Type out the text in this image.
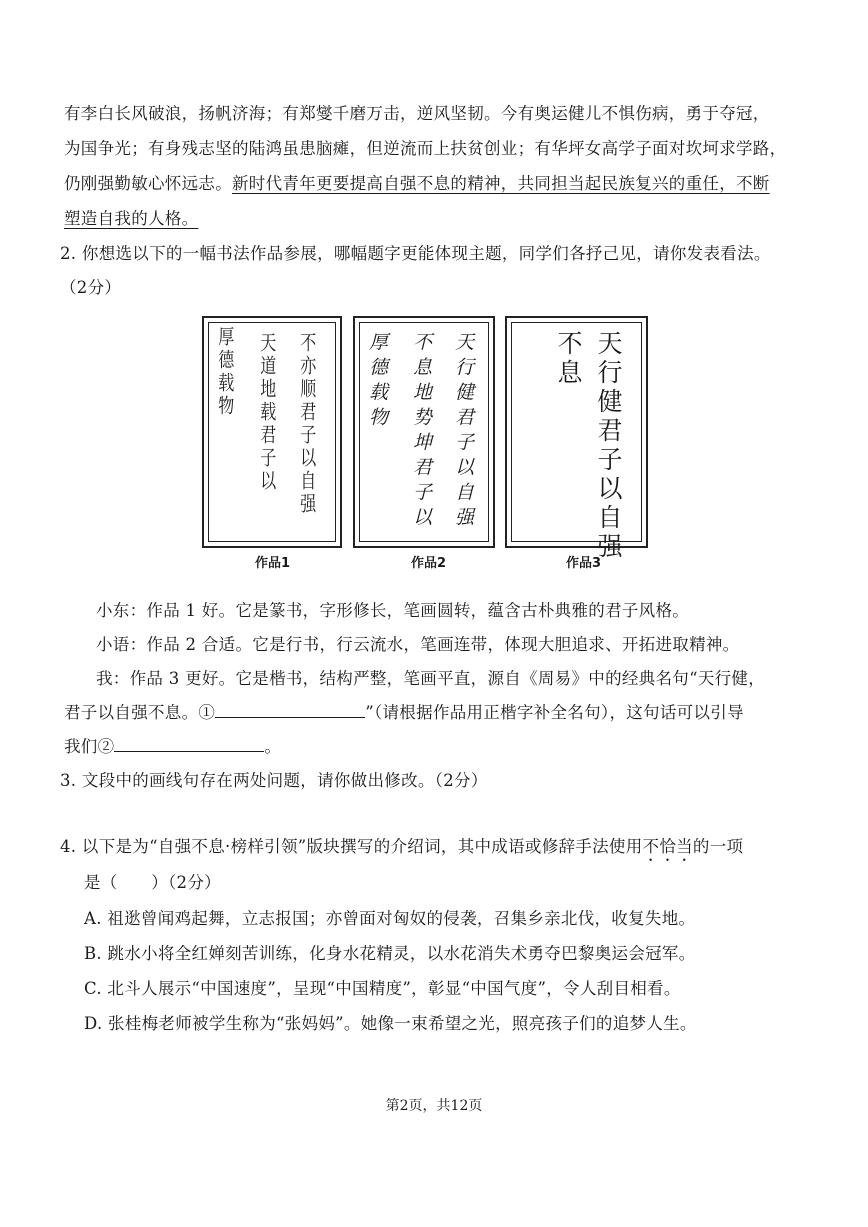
有李白长风破浪，扬帆济海；有郑燮千磨万击，逆风坚韧。今有奥运健儿不惧伤病，勇于夺冠，
为国争光；有身残志坚的陆鸿虽患脑瘫，但逆流而上扶贫创业；有华坪女高学子面对坎坷求学路，
仍刚强勤敏心怀远志。新时代青年更要提高自强不息的精神，共同担当起民族复兴的重任，不断
塑造自我的人格。
2. 你想选以下的一幅书法作品参展，哪幅题字更能体现主题，同学们各抒己见，请你发表看法。
（2分）
不亦顺君子以自强
天道地载君子以
厚德载物
作品1
天行健君子以自强
不息地势坤君子以
厚德载物
作品2
天行健君子以自强
不息
作品3
小东：作品 1 好。它是篆书，字形修长，笔画圆转，蕴含古朴典雅的君子风格。
小语：作品 2 合适。它是行书，行云流水，笔画连带，体现大胆追求、开拓进取精神。
我：作品 3 更好。它是楷书，结构严整，笔画平直，源自《周易》中的经典名句“天行健，
君子以自强不息。①	”（请根据作品用正楷字补全名句），这句话可以引导
我们②	。
3. 文段中的画线句存在两处问题，请你做出修改。（2分）
4. 以下是为“自强不息·榜样引领”版块撰写的介绍词，其中成语或修辞手法使用不恰当的一项
是（　　）（2分）
A. 祖逖曾闻鸡起舞，立志报国；亦曾面对匈奴的侵袭，召集乡亲北伐，收复失地。
B. 跳水小将全红婵刻苦训练，化身水花精灵，以水花消失术勇夺巴黎奥运会冠军。
C. 北斗人展示“中国速度”，呈现“中国精度”，彰显“中国气度”，令人刮目相看。
D. 张桂梅老师被学生称为“张妈妈”。她像一束希望之光，照亮孩子们的追梦人生。
第2页，共12页
